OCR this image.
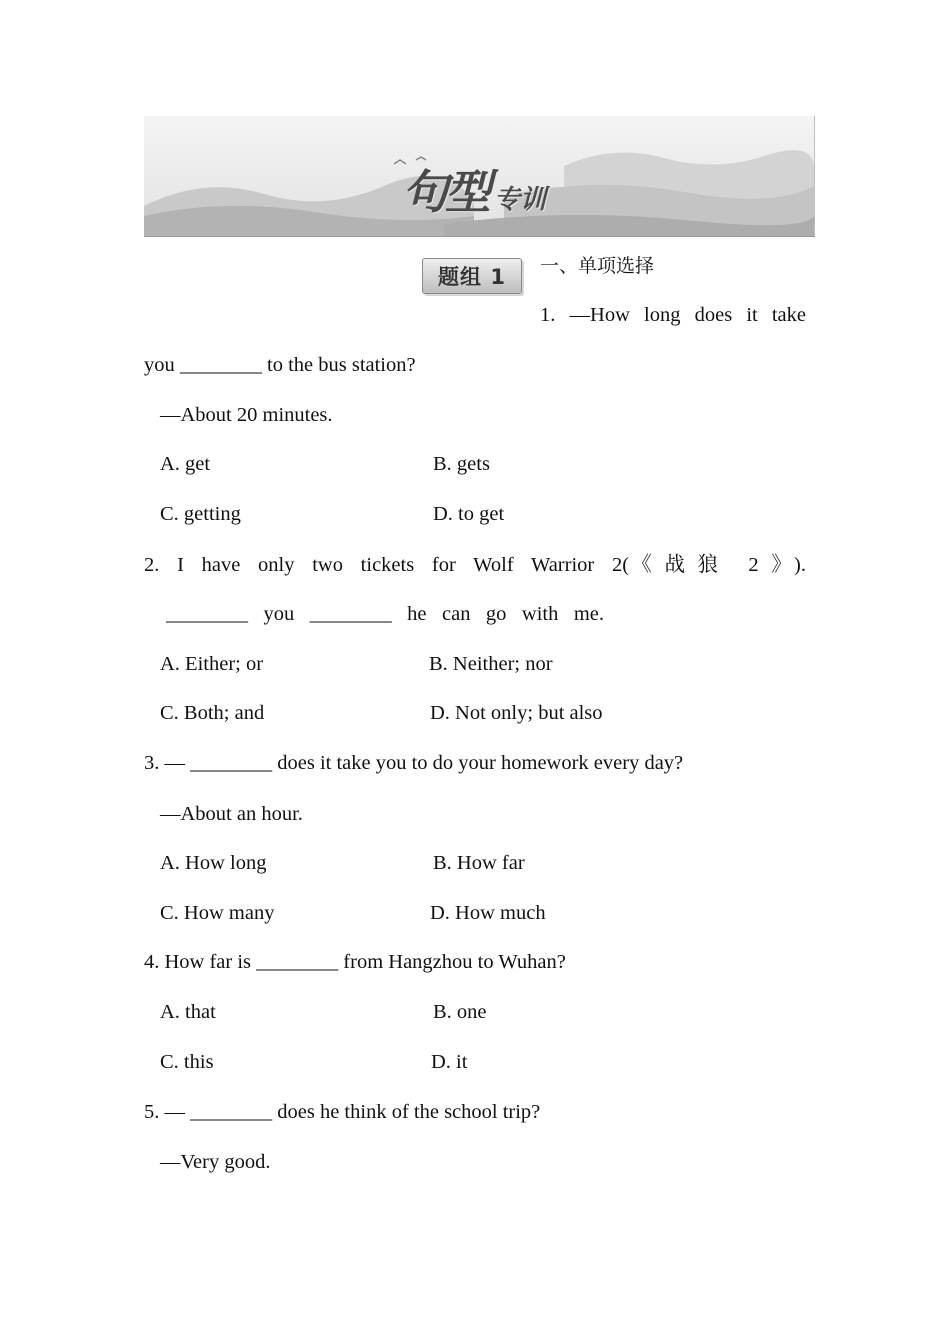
句型 专训
题组 1 一、单项选择
1. —How long does it take
you ________ to the bus station?
—About 20 minutes.
A. get	B. gets
C. getting	D. to get
2. I have only two tickets for Wolf Warrior 2(《战狼 2》).
________ you ________ he can go with me.
A. Either; or	B. Neither; nor
C. Both; and	D. Not only; but also
3. — ________ does it take you to do your homework every day?
—About an hour.
A. How long	B. How far
C. How many	D. How much
4. How far is ________ from Hangzhou to Wuhan?
A. that	B. one
C. this	D. it
5. — ________ does he think of the school trip?
—Very good.
